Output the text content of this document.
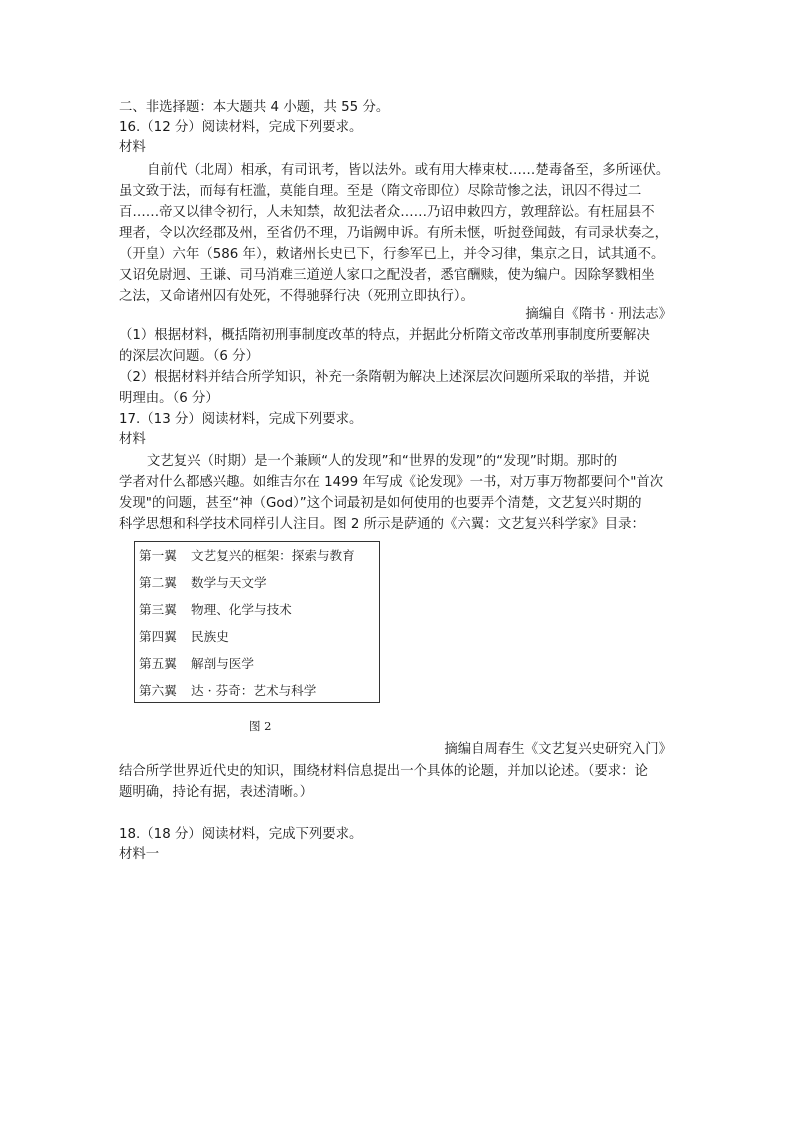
二、非选择题：本大题共 4 小题，共 55 分。
16.（12 分）阅读材料，完成下列要求。
材料
自前代（北周）相承，有司讯考，皆以法外。或有用大棒束杖……楚毒备至，多所诬伏。
虽文致于法，而每有枉滥，莫能自理。至是（隋文帝即位）尽除苛惨之法，讯囚不得过二
百……帝又以律令初行，人未知禁，故犯法者众……乃诏申敕四方，敦理辞讼。有枉屈县不
理者，令以次经郡及州，至省仍不理，乃诣阙申诉。有所未惬，听挝登闻鼓，有司录状奏之，
（开皇）六年（586 年），敕诸州长史已下，行参军已上，并令习律，集京之日，试其通不。
又诏免尉迥、王谦、司马消难三道逆人家口之配没者，悉官酬赎，使为编户。因除孥戮相坐
之法，又命诸州囚有处死，不得驰驿行决（死刑立即执行）。
摘编自《隋书 · 刑法志》
（1）根据材料，概括隋初刑事制度改革的特点，并据此分析隋文帝改革刑事制度所要解决
的深层次问题。（6 分）
（2）根据材料并结合所学知识，补充一条隋朝为解决上述深层次问题所采取的举措，并说
明理由。（6 分）
17.（13 分）阅读材料，完成下列要求。
材料
文艺复兴（时期）是一个兼顾“人的发现”和“世界的发现”的“发现”时期。那时的
学者对什么都感兴趣。如维吉尔在 1499 年写成《论发现》一书，对万事万物都要问个"首次
发现"的问题，甚至“神（God）”这个词最初是如何使用的也要弄个清楚，文艺复兴时期的
科学思想和科学技术同样引人注目。图 2 所示是萨通的《六翼：文艺复兴科学家》目录：
第一翼 文艺复兴的框架：探索与教育
第二翼 数学与天文学
第三翼 物理、化学与技术
第四翼 民族史
第五翼 解剖与医学
第六翼 达 · 芬奇：艺术与科学
图 2
摘编自周春生《文艺复兴史研究入门》
结合所学世界近代史的知识，围绕材料信息提出一个具体的论题，并加以论述。（要求：论
题明确，持论有据，表述清晰。）
18.（18 分）阅读材料，完成下列要求。
材料一
